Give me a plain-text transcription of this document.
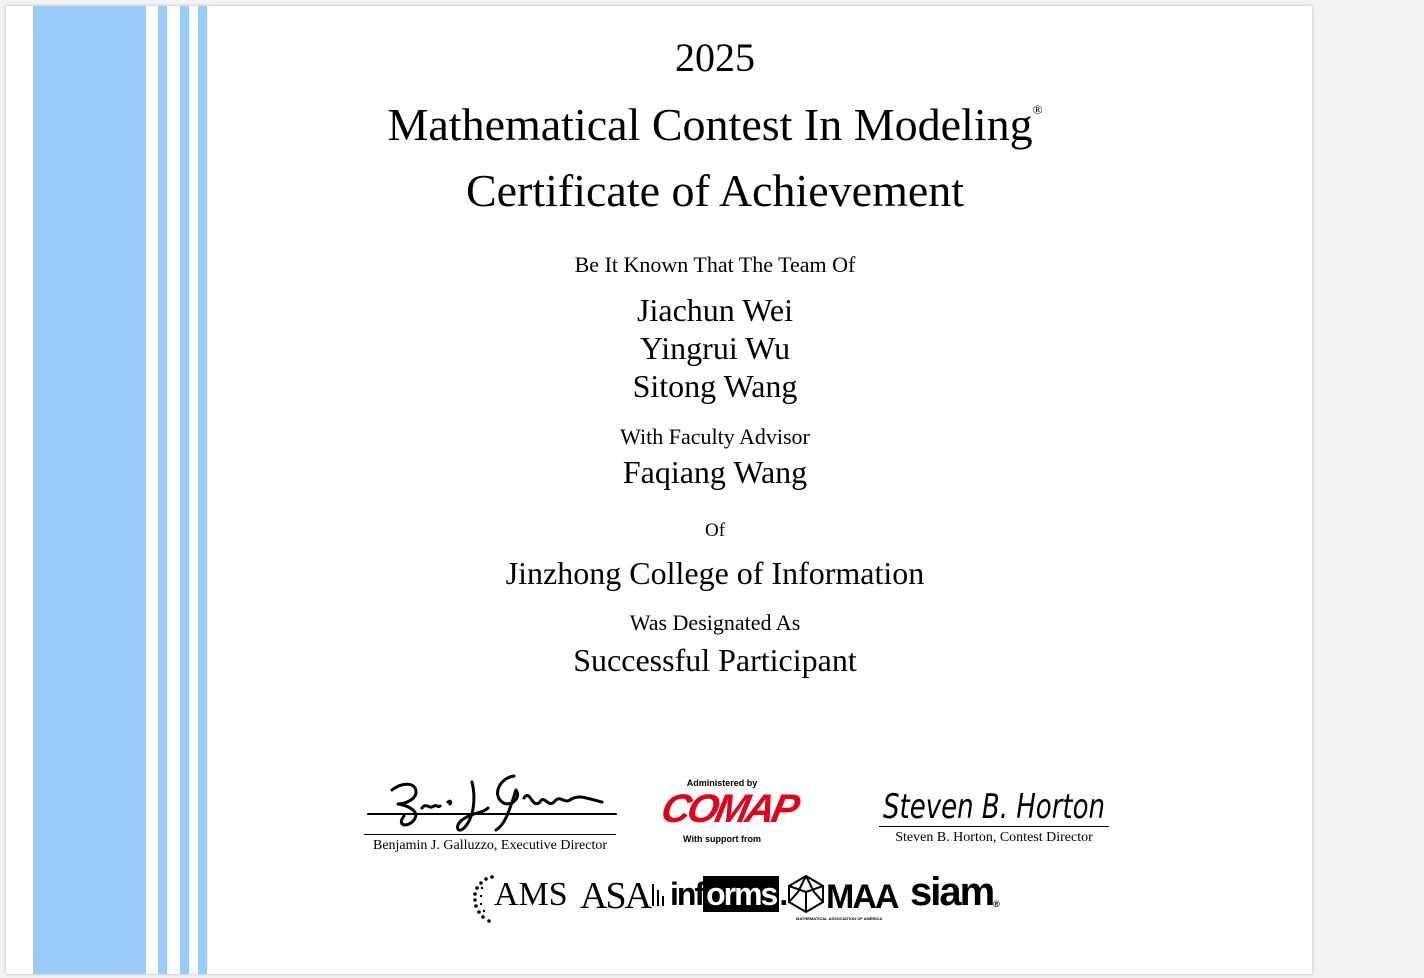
2025
Mathematical Contest In Modeling®
Certificate of Achievement
Be It Known That The Team Of
Jiachun Wei
Yingrui Wu
Sitong Wang
With Faculty Advisor
Faqiang Wang
Of
Jinzhong College of Information
Was Designated As
Successful Participant
Benjamin J. Galluzzo, Executive Director
Administered by
COMAP
With support from
Steven B. Horton
Steven B. Horton, Contest Director
AMS ASA informs.	MAA
MATHEMATICAL ASSOCIATION OF AMERICA
siam®
